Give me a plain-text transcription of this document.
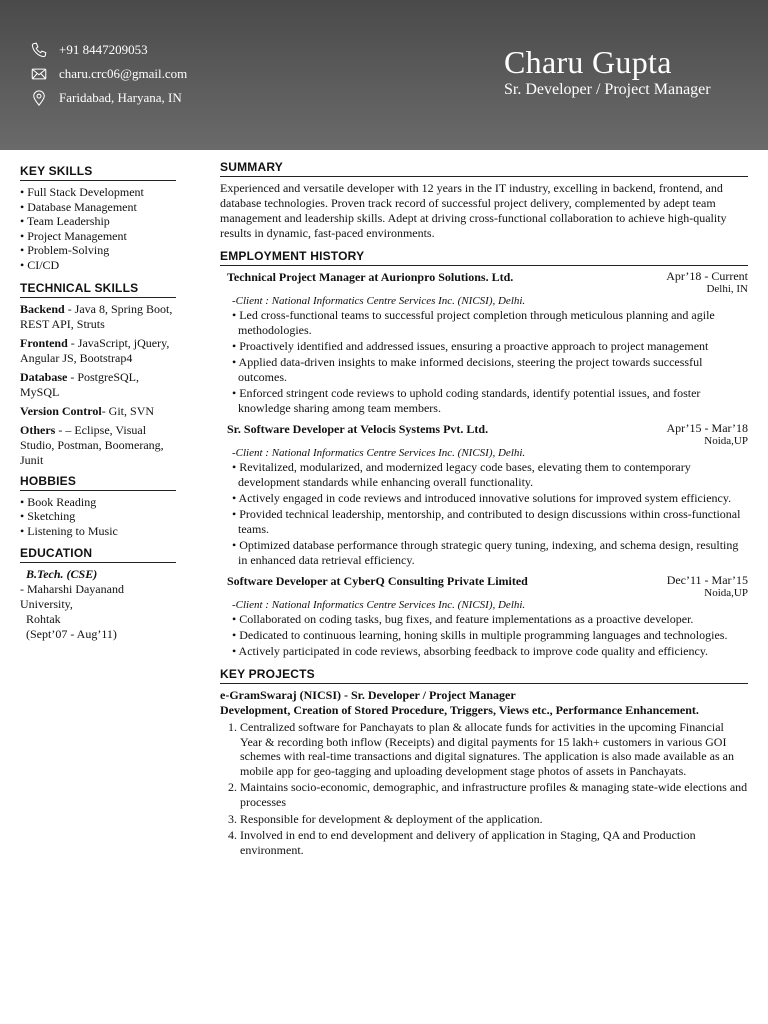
+91 8447209053
charu.crc06@gmail.com
Faridabad, Haryana, IN
Charu Gupta
Sr. Developer / Project Manager
KEY SKILLS
• Full Stack Development
• Database Management
• Team Leadership
• Project Management
• Problem-Solving
• CI/CD
TECHNICAL SKILLS

Backend - Java 8, Spring Boot, REST API, Struts

Frontend - JavaScript, jQuery, Angular JS, Bootstrap4

Database - PostgreSQL, MySQL

Version Control- Git, SVN

Others - – Eclipse, Visual Studio, Postman, Boomerang, Junit

HOBBIES
• Book Reading
• Sketching
• Listening to Music
EDUCATION
B.Tech. (CSE)
- Maharshi Dayanand University,
Rohtak
(Sept’07 - Aug’11)
SUMMARY

Experienced and versatile developer with 12 years in the IT industry, excelling in backend, frontend, and database technologies. Proven track record of successful project delivery, complemented by adept team management and leadership skills. Adept at driving cross-functional collaboration to achieve high-quality results in dynamic, fast-paced environments.

EMPLOYMENT HISTORY
Technical Project Manager at Aurionpro Solutions. Ltd.	Apr’18 - Current
Delhi, IN
-Client : National Informatics Centre Services Inc. (NICSI), Delhi.
• Led cross-functional teams to successful project completion through meticulous planning and agile methodologies.
• Proactively identified and addressed issues, ensuring a proactive approach to project management
• Applied data-driven insights to make informed decisions, steering the project towards successful outcomes.
• Enforced stringent code reviews to uphold coding standards, identify potential issues, and foster knowledge sharing among team members.
Sr. Software Developer at Velocis Systems Pvt. Ltd.	Apr’15 - Mar’18
Noida,UP
-Client : National Informatics Centre Services Inc. (NICSI), Delhi.
• Revitalized, modularized, and modernized legacy code bases, elevating them to contemporary development standards while enhancing overall functionality.
• Actively engaged in code reviews and introduced innovative solutions for improved system efficiency.
• Provided technical leadership, mentorship, and contributed to design discussions within cross-functional teams.
• Optimized database performance through strategic query tuning, indexing, and schema design, resulting in enhanced data retrieval efficiency.
Software Developer at CyberQ Consulting Private Limited	Dec’11 - Mar’15
Noida,UP
-Client : National Informatics Centre Services Inc. (NICSI), Delhi.
• Collaborated on coding tasks, bug fixes, and feature implementations as a proactive developer.
• Dedicated to continuous learning, honing skills in multiple programming languages and technologies.
• Actively participated in code reviews, absorbing feedback to improve code quality and efficiency.
KEY PROJECTS
e-GramSwaraj (NICSI) - Sr. Developer / Project Manager
Development, Creation of Stored Procedure, Triggers, Views etc., Performance Enhancement.
1. Centralized software for Panchayats to plan & allocate funds for activities in the upcoming Financial Year & recording both inflow (Receipts) and digital payments for 15 lakh+ customers in various GOI schemes with real-time transactions and digital signatures. The application is also made available as an mobile app for geo-tagging and uploading development stage photos of assets in Panchayats.
2. Maintains socio-economic, demographic, and infrastructure profiles & managing state-wide elections and processes
3. Responsible for development & deployment of the application.
4. Involved in end to end development and delivery of application in Staging, QA and Production environment.
